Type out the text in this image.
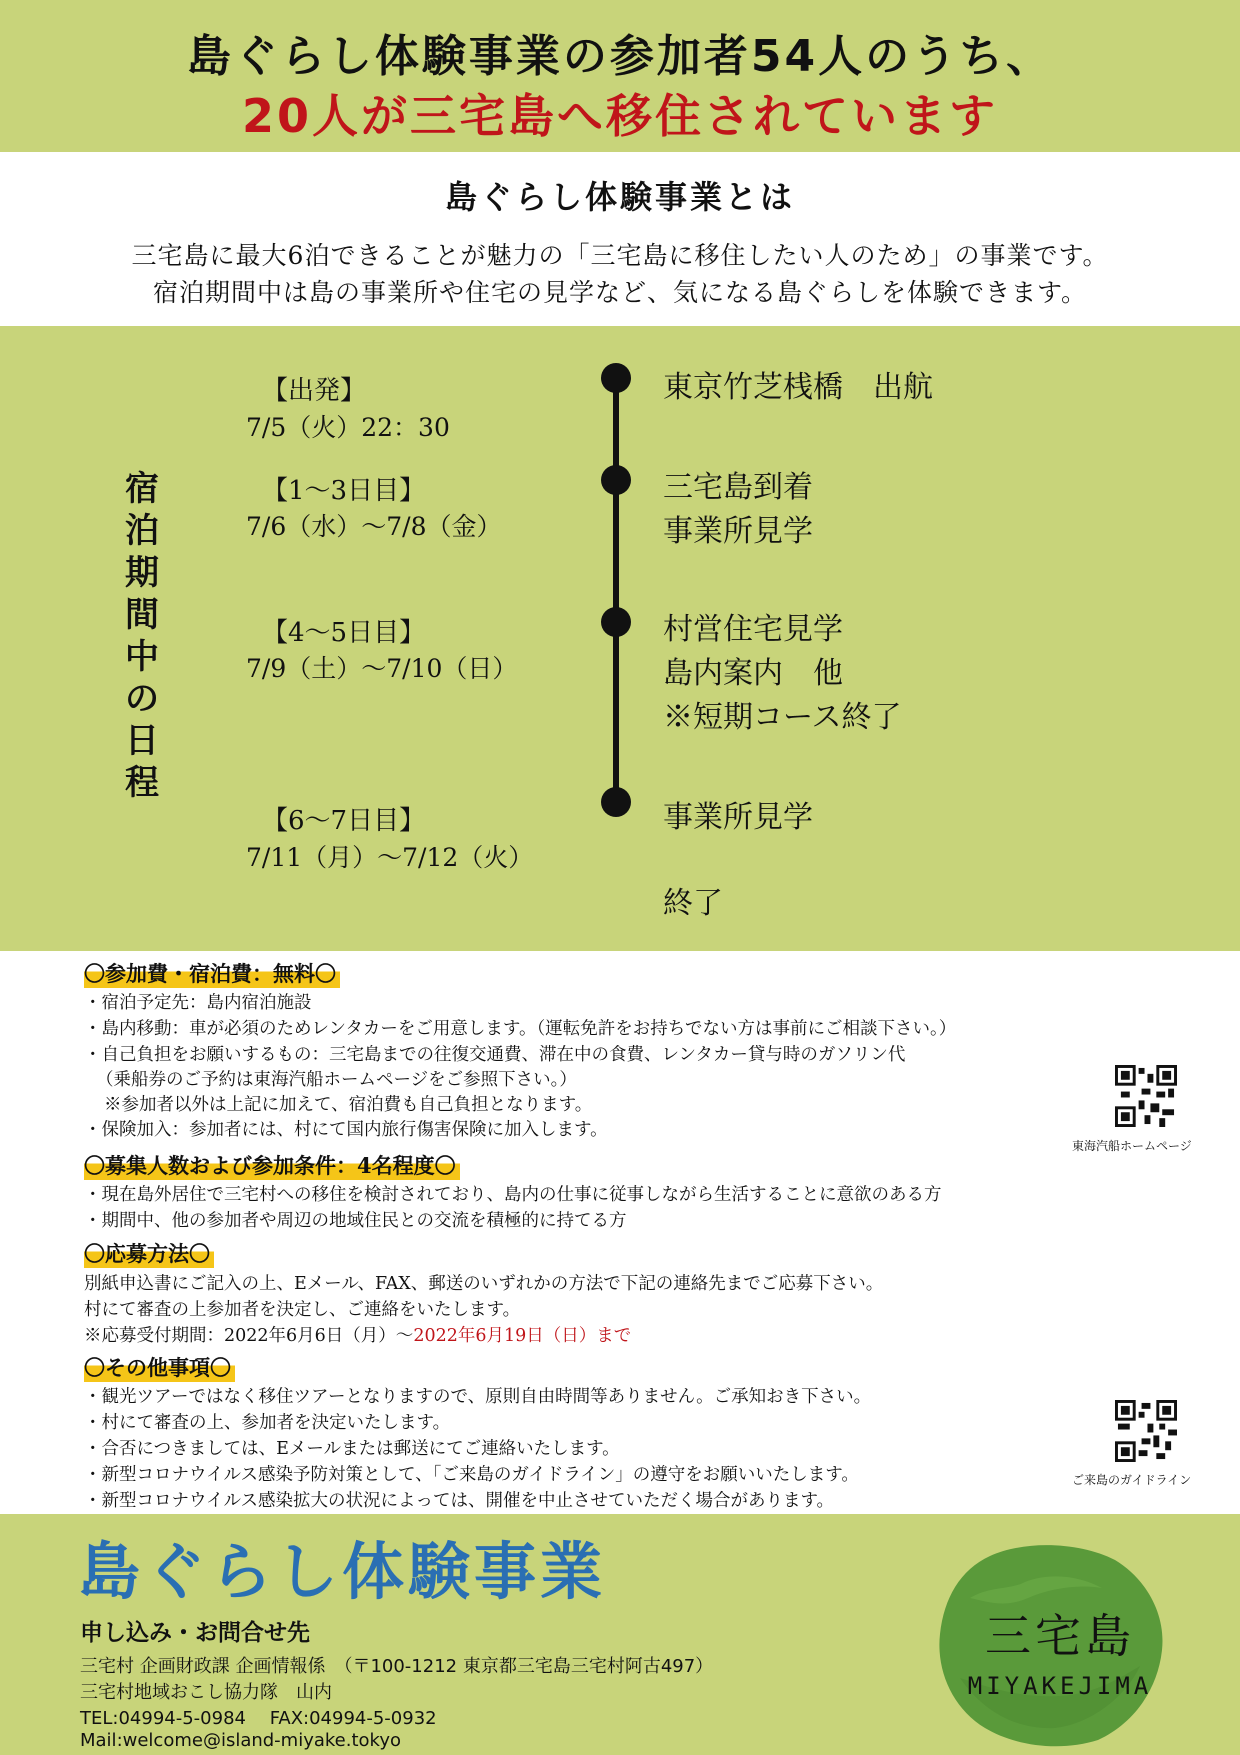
島ぐらし体験事業の参加者54人のうち、

20人が三宅島へ移住されています

島ぐらし体験事業とは

三宅島に最大6泊できることが魅力の「三宅島に移住したい人のため」の事業です。

宿泊期間中は島の事業所や住宅の見学など、気になる島ぐらしを体験できます。

宿
泊
期
間
中
の
日
程

【出発】

7/5（火）22：30

東京竹芝桟橋　出航

【1〜3日目】

7/6（水）〜7/8（金）

三宅島到着
事業所見学

【4〜5日目】

7/9（土）〜7/10（日）

村営住宅見学
島内案内　他
※短期コース終了

【6〜7日目】

7/11（月）〜7/12（火）

事業所見学

終了

〇参加費・宿泊費：無料〇

・宿泊予定先：島内宿泊施設

・島内移動：車が必須のためレンタカーをご用意します。（運転免許をお持ちでない方は事前にご相談下さい。）

・自己負担をお願いするもの：三宅島までの往復交通費、滞在中の食費、レンタカー貸与時のガソリン代

（乗船券のご予約は東海汽船ホームページをご参照下さい。）

※参加者以外は上記に加えて、宿泊費も自己負担となります。

・保険加入：参加者には、村にて国内旅行傷害保険に加入します。

東海汽船ホームページ

〇募集人数および参加条件：4名程度〇

・現在島外居住で三宅村への移住を検討されており、島内の仕事に従事しながら生活することに意欲のある方

・期間中、他の参加者や周辺の地域住民との交流を積極的に持てる方

〇応募方法〇

別紙申込書にご記入の上、Eメール、FAX、郵送のいずれかの方法で下記の連絡先までご応募下さい。

村にて審査の上参加者を決定し、ご連絡をいたします。

※応募受付期間：2022年6月6日（月）〜2022年6月19日（日）まで

〇その他事項〇

・観光ツアーではなく移住ツアーとなりますので、原則自由時間等ありません。ご承知おき下さい。

・村にて審査の上、参加者を決定いたします。

・合否につきましては、Eメールまたは郵送にてご連絡いたします。

・新型コロナウイルス感染予防対策として、「ご来島のガイドライン」の遵守をお願いいたします。

・新型コロナウイルス感染拡大の状況によっては、開催を中止させていただく場合があります。

ご来島のガイドライン

島ぐらし体験事業

申し込み・お問合せ先

三宅村 企画財政課 企画情報係　（〒100-1212 東京都三宅島三宅村阿古497）

三宅村地域おこし協力隊　山内

TEL:04994-5-0984　 FAX:04994-5-0932

Mail:welcome@island-miyake.tokyo

三宅島

MIYAKEJIMA
